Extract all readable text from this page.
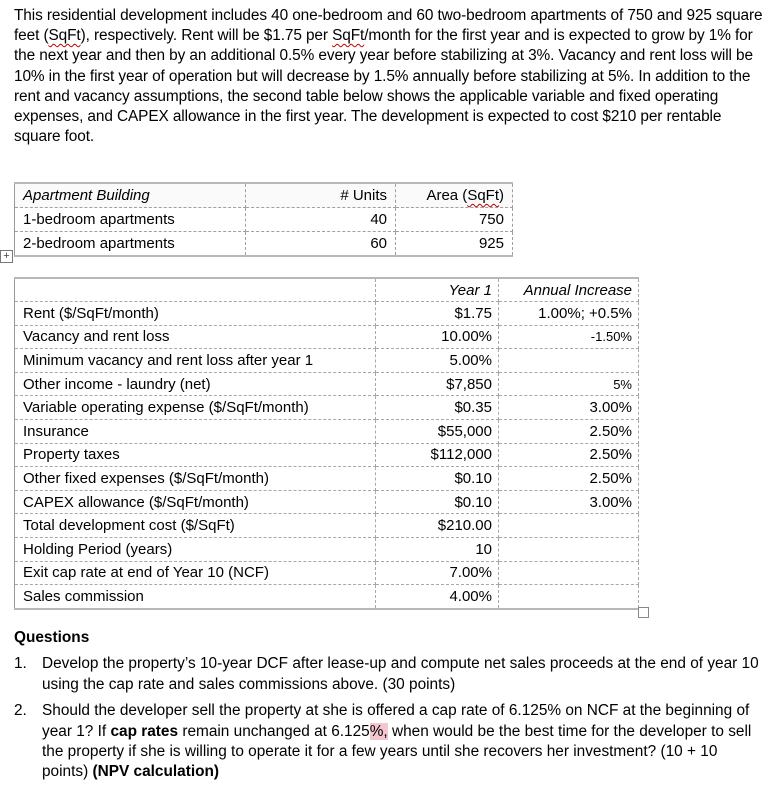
This residential development includes 40 one-bedroom and 60 two-bedroom apartments of 750 and 925 square feet (SqFt), respectively. Rent will be $1.75 per SqFt/month for the first year and is expected to grow by 1% for the next year and then by an additional 0.5% every year before stabilizing at 3%. Vacancy and rent loss will be 10% in the first year of operation but will decrease by 1.5% annually before stabilizing at 5%. In addition to the rent and vacancy assumptions, the second table below shows the applicable variable and fixed operating expenses, and CAPEX allowance in the first year. The development is expected to cost $210 per rentable square foot.
Apartment Building	# Units	Area (SqFt)
1-bedroom apartments	40	750
2-bedroom apartments	60	925
+
	Year 1	Annual Increase
Rent ($/SqFt/month)	$1.75	1.00%; +0.5%
Vacancy and rent loss	10.00%	-1.50%
Minimum vacancy and rent loss after year 1	5.00%	
Other income - laundry (net)	$7,850	5%
Variable operating expense ($/SqFt/month)	$0.35	3.00%
Insurance	$55,000	2.50%
Property taxes	$112,000	2.50%
Other fixed expenses ($/SqFt/month)	$0.10	2.50%
CAPEX allowance ($/SqFt/month)	$0.10	3.00%
Total development cost ($/SqFt)	$210.00	
Holding Period (years)	10	
Exit cap rate at end of Year 10 (NCF)	7.00%	
Sales commission	4.00%	
Questions
1. Develop the property’s 10-year DCF after lease-up and compute net sales proceeds at the end of year 10 using the cap rate and sales commissions above. (30 points)
2. Should the developer sell the property at she is offered a cap rate of 6.125% on NCF at the beginning of year 1? If cap rates remain unchanged at 6.125%, when would be the best time for the developer to sell the property if she is willing to operate it for a few years until she recovers her investment? (10 + 10 points) (NPV calculation)
